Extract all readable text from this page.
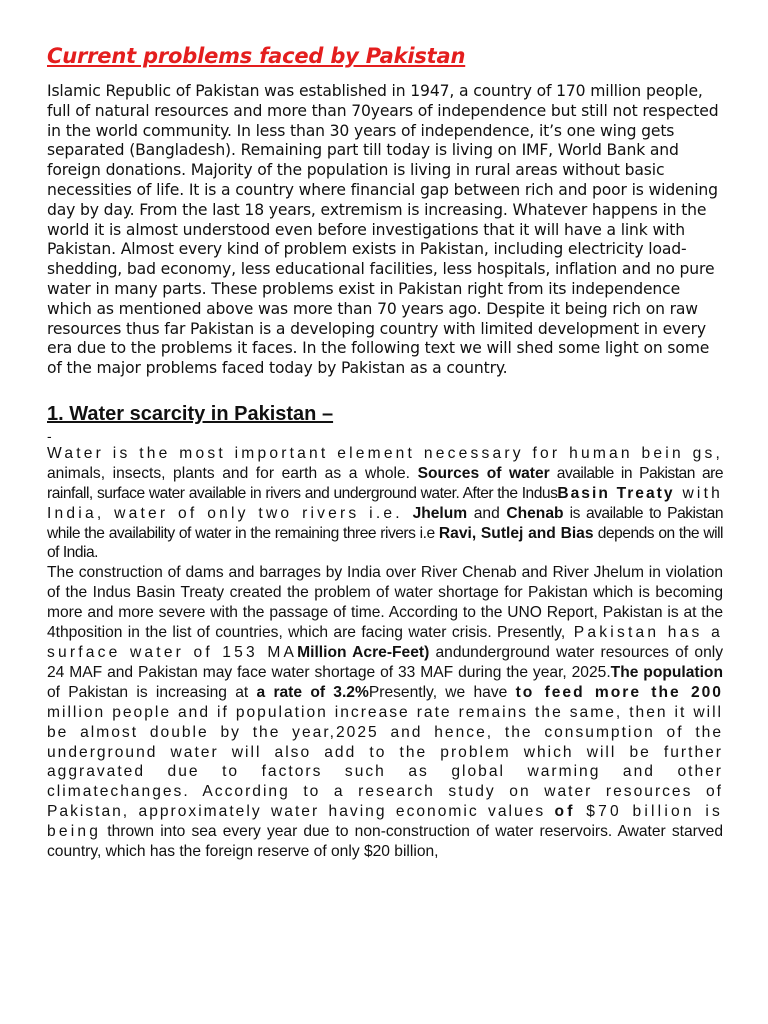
Current problems faced by Pakistan

Islamic Republic of Pakistan was established in 1947, a country of 170 million people, full of natural resources and more than 70years of independence but still not respected in the world community. In less than 30 years of independence, it’s one wing gets separated (Bangladesh). Remaining part till today is living on IMF, World Bank and foreign donations. Majority of the population is living in rural areas without basic necessities of life. It is a country where financial gap between rich and poor is widening day by day. From the last 18 years, extremism is increasing. Whatever happens in the world it is almost understood even before investigations that it will have a link with Pakistan. Almost every kind of problem exists in Pakistan, including electricity load-shedding, bad economy, less educational facilities, less hospitals, inflation and no pure water in many parts. These problems exist in Pakistan right from its independence which as mentioned above was more than 70 years ago. Despite it being rich on raw resources thus far Pakistan is a developing country with limited development in every era due to the problems it faces. In the following text we will shed some light on some of the major problems faced today by Pakistan as a country.

1. Water scarcity in Pakistan –
-

Water is the most important element necessary for human bein gs, animals, insects, plants and for earth as a whole. Sources of water available in Pakistan are rainfall, surface water available in rivers and underground water. After the IndusBasin Treaty with India, water of only two rivers i.e. Jhelum and Chenab is available to Pakistan while the availability of water in the remaining three rivers i.e Ravi, Sutlej and Bias depends on the will of India.

The construction of dams and barrages by India over River Chenab and River Jhelum in violation of the Indus Basin Treaty created the problem of water shortage for Pakistan which is becoming more and more severe with the passage of time. According to the UNO Report, Pakistan is at the 4thposition in the list of countries, which are facing water crisis. Presently, Pakistan has a surface water of 153 MAMillion Acre-Feet) andunderground water resources of only 24 MAF and Pakistan may face water shortage of 33 MAF during the year, 2025.The population of Pakistan is increasing at a rate of 3.2%Presently, we have to feed more the 200 million people and if population increase rate remains the same, then it will be almost double by the year,2025 and hence, the consumption of the underground water will also add to the problem which will be further aggravated due to factors such as global warming and other climatechanges. According to a research study on water resources of Pakistan, approximately water having economic values of $70 billion is being thrown into sea every year due to non-construction of water reservoirs. Awater starved country, which has the foreign reserve of only $20 billion,
